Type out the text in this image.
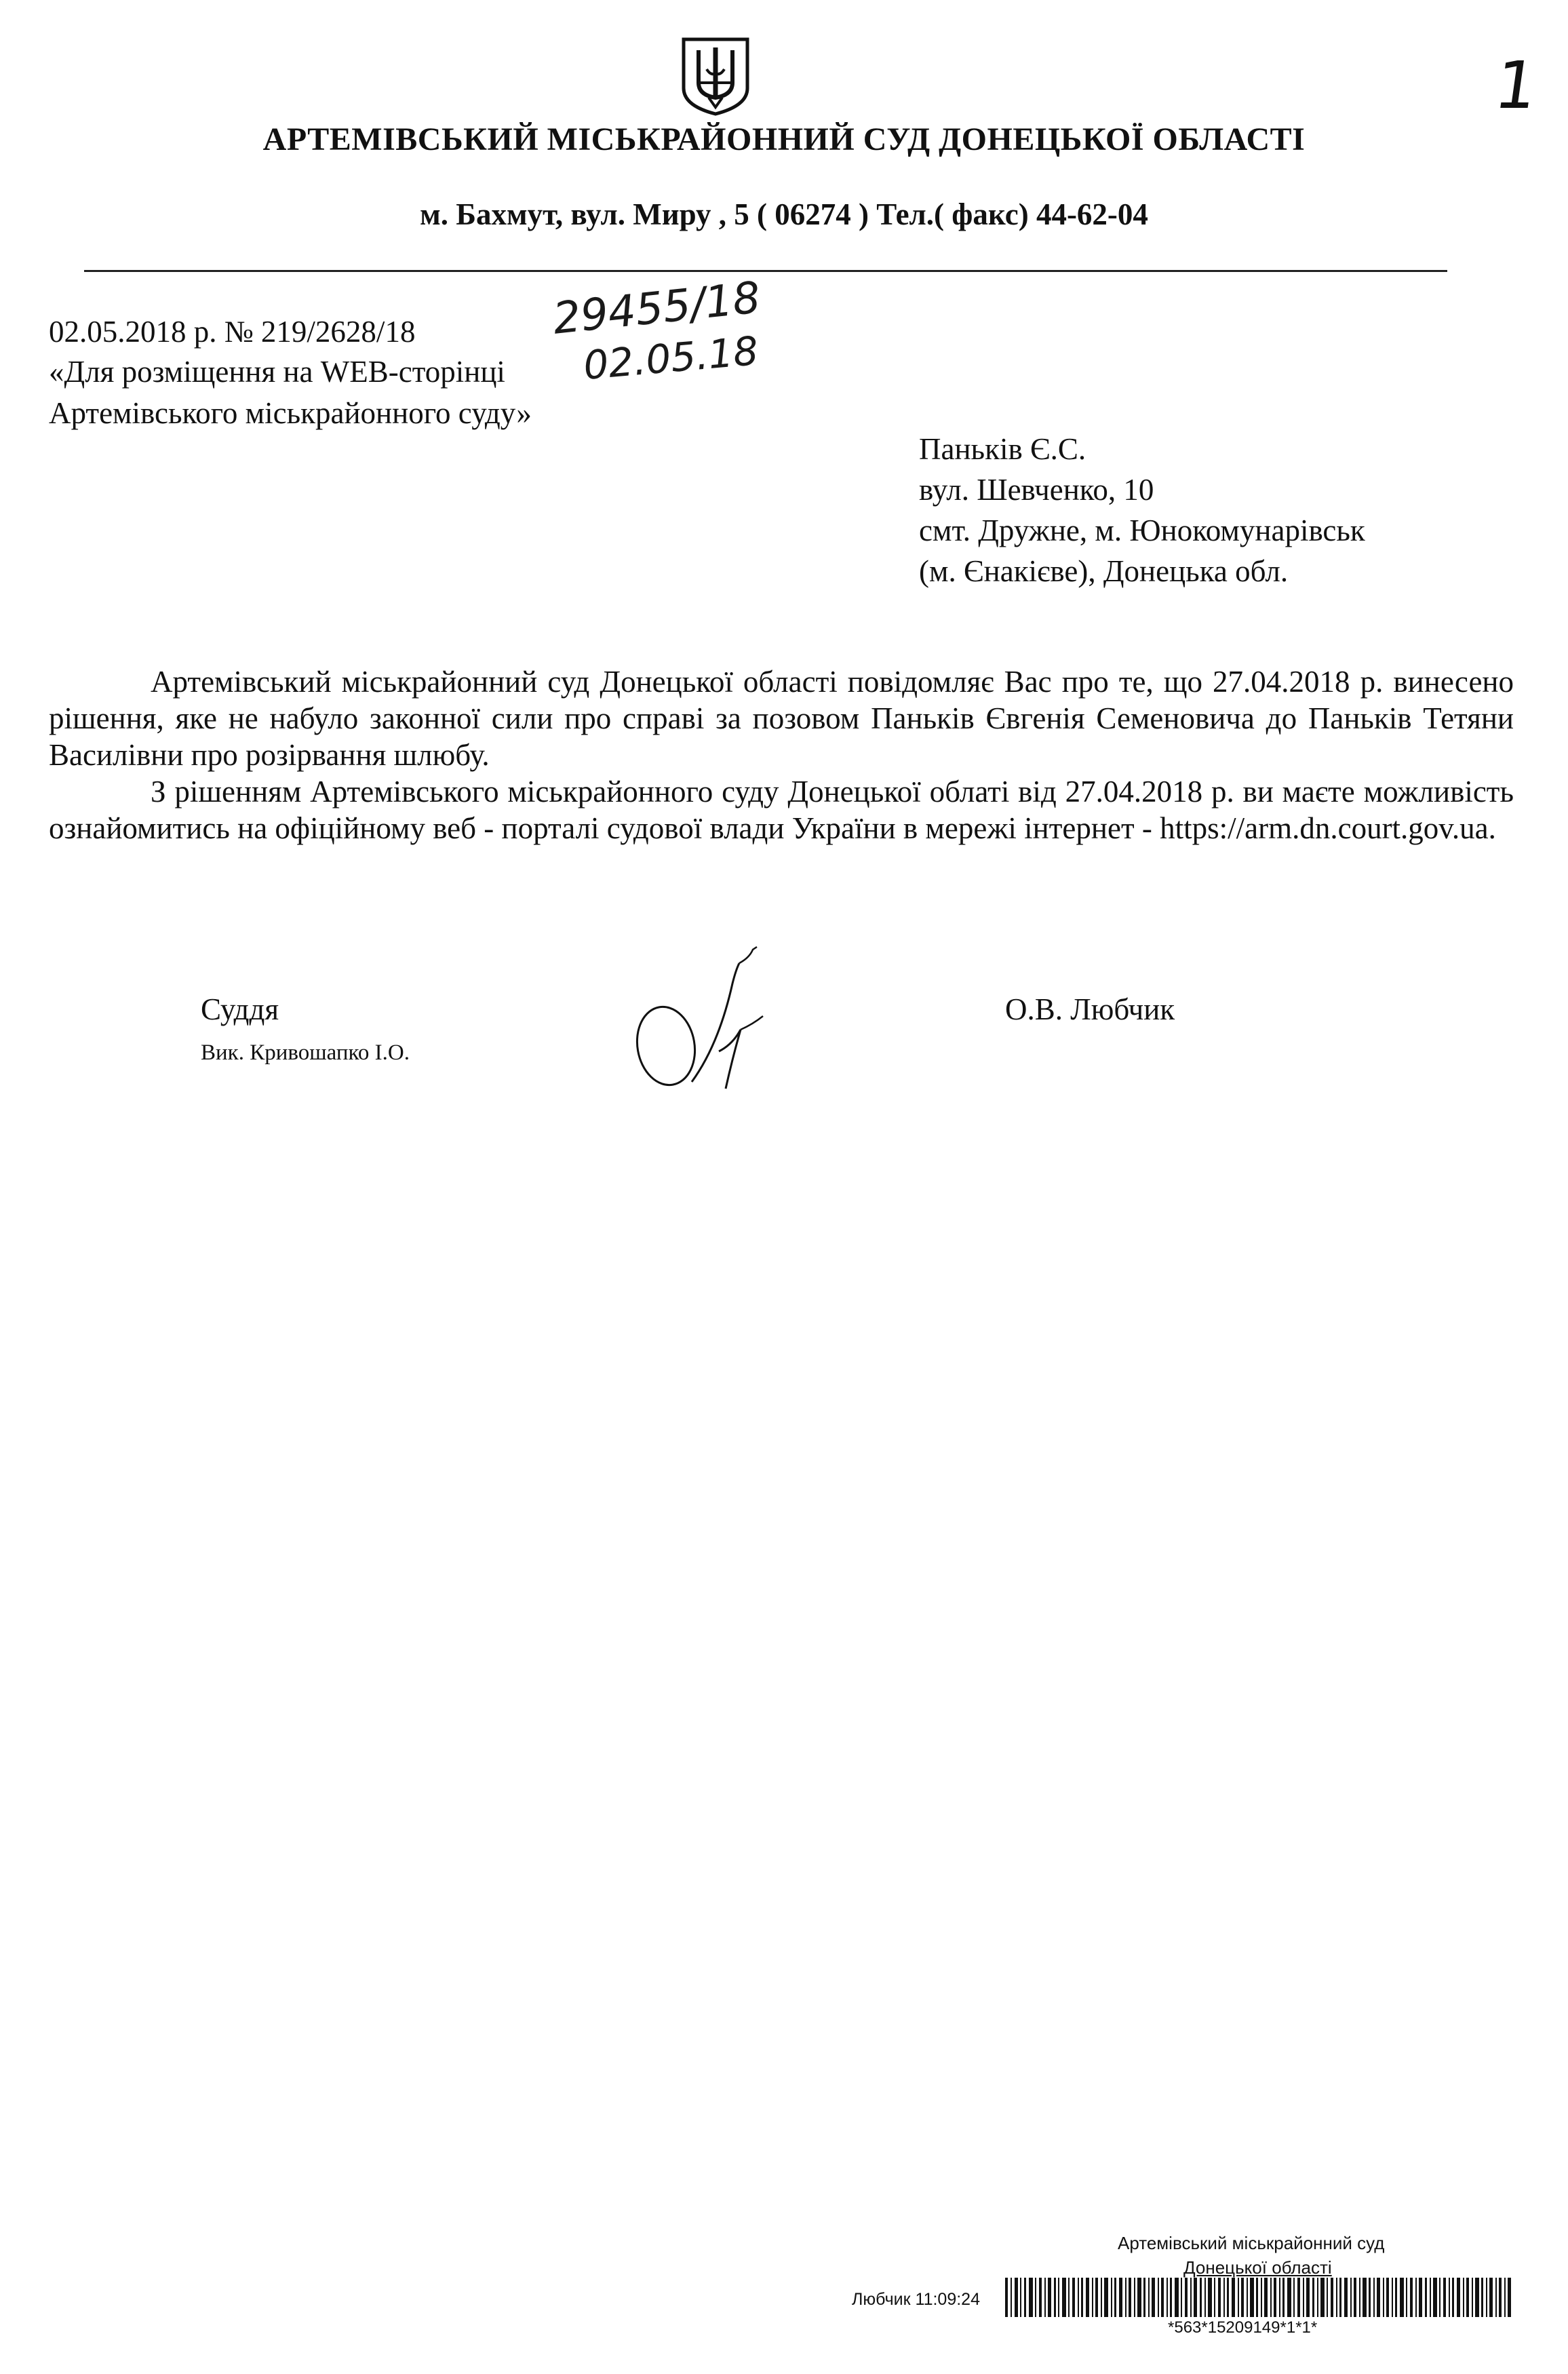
1
АРТЕМІВСЬКИЙ МІСЬКРАЙОННИЙ СУД ДОНЕЦЬКОЇ ОБЛАСТІ
м. Бахмут, вул. Миру , 5 ( 06274 ) Тел.( факс) 44-62-04
02.05.2018 р. № 219/2628/18
«Для розміщення на WEB-сторінці
Артемівського міськрайонного суду»
29455/18
02.05.18
Паньків Є.С.
вул. Шевченко, 10
смт. Дружне, м. Юнокомунарівськ
(м. Єнакієве), Донецька обл.

Артемівський міськрайонний суд Донецької області повідомляє Вас про те, що 27.04.2018 р. винесено рішення, яке не набуло законної сили про справі за позовом Паньків Євгенія Семеновича до Паньків Тетяни Василівни про розірвання шлюбу.

З рішенням Артемівського міськрайонного суду Донецької облаті від 27.04.2018 р. ви маєте можливість ознайомитись на офіційному веб - порталі судової влади України в мережі інтернет - https://arm.dn.court.gov.ua.

Суддя
Вик. Кривошапко І.О.
О.В. Любчик
Артемівський міськрайонний суд
Донецької області
Любчик 11:09:24
*563*15209149*1*1*
